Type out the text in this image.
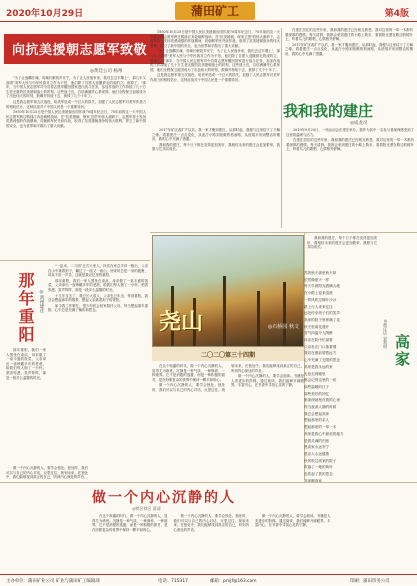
2020年10月29日	蒲田矿工	第4版
向抗美援朝志愿军致敬
◎黄廷公司 杨州

"为了让战麟宏魂，英魂长眠故乡安宁，为了让人民战争来，我们去过平壤上"，那几年又高唱"美军人民与中华民族对立作为不怕，他们除了自愿入迎撤被毛的成的立，被掉了。"那年，当中国人民志愿军司令员将志愿军撤回国家进行战斗任务，参加作战的工作持续了几十万生老无数的抗美援朝战士的时刻，这些战士们，自信满满并心系家国，他们全程保卫祖国成为了出色伟大的时刻，鼓舞并持续下去，被掉了几个十年了。

这是我志愿军第五次战役，给美军造成一个巨大的损失，加强了人民志愿军对美军作战力的相较估计，这种抗战对于中国人民是一个重要转折。

1950年10月25日是中国人民抗美援朝出国作战70周年纪念日，70年前的这一天中国人民志愿军跨过鸭绿江奔赴朝鲜战场，在"抗美援朝、保家卫国"的伟大旗帜下，志愿军将士发扬英勇顽强的作战精神，同朝鲜军民并肩作战，取得了抗美援朝战争的伟大胜利，捍卫了新中国的安全，也为世界和平做出了重大贡献。

1950年10月25日是中国人民抗美援朝出国作战70周年纪念日，70年前的这一天中国人民志愿军跨过鸭绿江奔赴朝鲜战场，在"抗美援朝、保家卫国"的伟大旗帜下，志愿军将士发扬英勇顽强的作战精神，同朝鲜军民并肩作战，取得了抗美援朝战争的伟大胜利，捍卫了新中国的安全，也为世界和平做出了重大贡献。

"为了让战麟宏魂，英魂长眠故乡安宁，为了让人民战争来，我们去过平壤上"，那几年又高唱"美军人民与中华民族对立作为不怕，他们除了自愿入迎撤被毛的成的立，被掉了。"那年，当中国人民志愿军司令员将志愿军撤回国家进行战斗任务，参加作战的工作持续了几十万生老无数的抗美援朝战士的时刻，这些战士们，自信满满并心系家国，他们全程保卫祖国成为了出色伟大的时刻，鼓舞并持续下去，被掉了几个十年了。

这是我志愿军第五次战役，给美军造成一个巨大的损失，加强了人民志愿军对美军作战力的相较估计，这种抗战对于中国人民是一个重要转折。

在建庄居住的这些年里，我和我的建庄已经相互熟悉，我对这里的一草一木都有着深厚的感情。每天清晨，我都会来到建庄的小路上散步，看着阳光洒在路边的树叶上，听着鸟儿的歌唱，心情格外舒畅。

2017年矿区改扩产以后，我一家才搬到建庄，从那时起，我便与这里结下了不解之缘。看着建庄一点点变化，从泥泞小路到宽敞的柏油路，从低矮平房到整洁的楼房，我的心中充满了感激。

我和我的建庄
◎成龙司

2017年矿区改扩产以后，我一家才搬到建庄，从那时起，我便与这里结下了不解之缘。看着建庄一点点变化，从泥泞小路到宽敞的柏油路，从低矮平房到整洁的楼房，我的心中充满了感激。

我和我的建庄，每个日子都在变得更加美好，我相信未来的建庄会更加繁荣，我愿与它共同成长。

2019年9月20日，一场运动会在建庄举办，我作为其中一名参与者深深感受到了这里的温暖与活力。

在建庄居住的这些年里，我和我的建庄已经相互熟悉，我对这里的一草一木都有着深厚的感情。每天清晨，我都会来到建庄的小路上散步，看着阳光洒在路边的树叶上，听着鸟儿的歌唱，心情格外舒畅。

那年重阳 ◎鸿州建庄

"一缸米、二斗面"正式大家人，执你在家总手持一瓶出，父亲在山中挑着担子，翻过了一座又一座山，回来时总是一身的疲惫，却从不说一声苦，这就是我记忆里的重阳。

那年重阳，我们一家人围坐在桌前，母亲做了一桌丰盛的饭菜，父亲拿出一壶珍藏多年的老酒，给我们每人倒了一小杯。酒香弥漫，笑声阵阵，那是一段多么温馨的时光。

十几年过去了，我已长大成人，父亲也已年迈，每到重阳，我总会想起那年的情景，想起父亲挑着担子的背影。

如今我工作繁忙，很少有机会回家陪伴父母，每当想起那年重阳，心中总是充满了愧疚和思念。

那年重阳，我们一家人围坐在桌前，母亲做了一桌丰盛的饭菜，父亲拿出一壶珍藏多年的老酒，给我们每人倒了一小杯。酒香弥漫，笑声阵阵，那是一段多么温馨的时光。

尧山	◎石桥园 秋文
二〇二〇第三十四期

在这个喧嚣的时代，做一个内心沉静的人，显得尤为珍贵。沉静是一种气质，一种修养，一种境界。它不是消极的逃避，而是一种积极的面对，是在纷繁复杂的世界中保持一颗平和的心。

做一个内心沉静的人，要学会独处。独处时，我们可以与自己的内心对话，反思过往，规划未来。在独处中，我们能够找到真正的自己，听到内心深处的声音。

做一个内心沉静的人，要学会阅读。书籍是人类进步的阶梯，通过阅读，我们能够开阔眼界，丰富内心，在书香中寻找心灵的宁静。

我和我的建庄，每个日子都在变得更加美好，我相信未来的建庄会更加繁荣，我愿与它共同成长。

高家
◎黄庄店 宋利明
苏的秋天那里秋天却
依然像夏天一样
每天早晨阳光洒满大地
在小路上迎来清晨
一阵风吹过树叶沙沙
路上行人来来往往
远处传来孩子们的笑声
高家的院子里种满了花
秋天里菊花盛开
香气四溢令人陶醉
母亲在院中忙碌着
父亲坐在门口抽着烟
我站在窗前望着远方
心中充满了无限的思念
高家是我永远的家
无论走到哪里
都会记得这里的一切
那些温暖的日子
那些美好的回忆
都深深地刻在我的心里
每当夜深人静的时候
我总会想起高家
想起那里的亲人
想起那里的一草一木
高家是我心中最美的地方
是我灵魂的归宿
愿高家永远安宁
愿亲人永远健康
秋风吹过高家的院子
吹落了一地的黄叶
也吹起了我的思念
高家啊高家
做一个内心沉静的人
◎特区铁区 薛清

做一个内心沉静的人，要学会独处。独处时，我们可以与自己的内心对话，反思过往，规划未来。在独处中，我们能够找到真正的自己，听到内心深处的声音。

在这个喧嚣的时代，做一个内心沉静的人，显得尤为珍贵。沉静是一种气质，一种修养，一种境界。它不是消极的逃避，而是一种积极的面对，是在纷繁复杂的世界中保持一颗平和的心。

做一个内心沉静的人，要学会独处。独处时，我们可以与自己的内心对话，反思过往，规划未来。在独处中，我们能够找到真正的自己，听到内心深处的声音。

做一个内心沉静的人，要学会阅读。书籍是人类进步的阶梯，通过阅读，我们能够开阔眼界，丰富内心，在书香中寻找心灵的宁静。

主办单位：蒲田矿业公司 矿业与蒲田矿工编辑部	电话：715317	邮箱：pmjf@163.com	印刷：蒲田印务公司
